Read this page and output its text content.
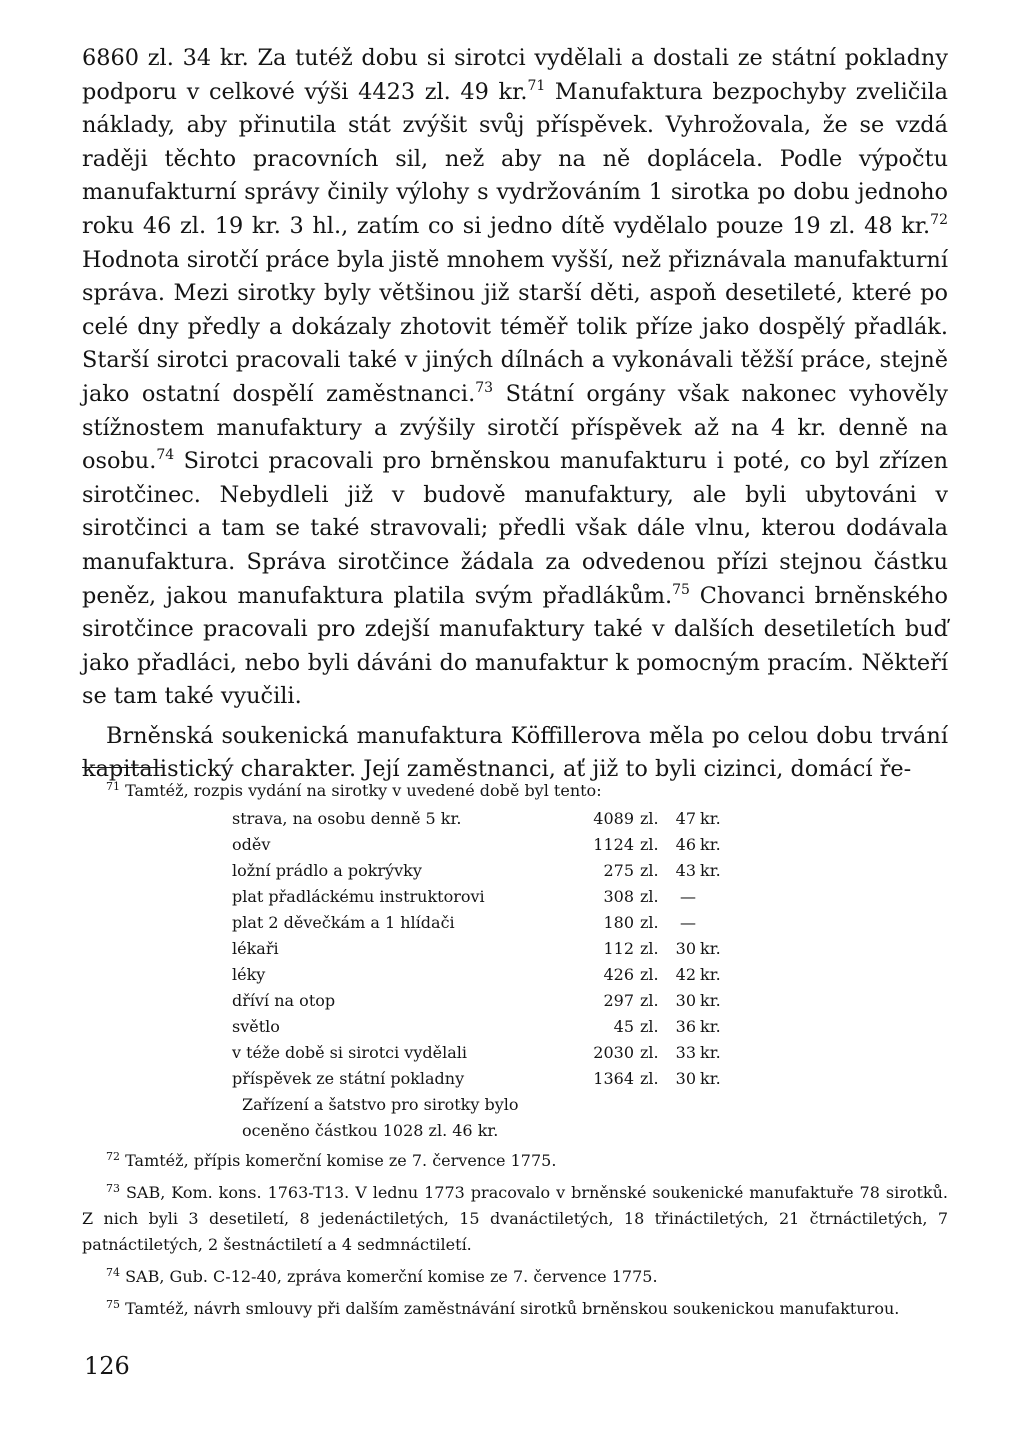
6860 zl. 34 kr. Za tutéž dobu si sirotci vydělali a dostali ze státní pokladny podporu v celkové výši 4423 zl. 49 kr.$^{71}$ Manufaktura bezpochyby zveličila náklady, aby přinutila stát zvýšit svůj příspěvek. Vyhrožovala, že se vzdá raději těchto pracovních sil, než aby na ně doplácela. Podle výpočtu manufakturní správy činily výlohy s vydržováním 1 sirotka po dobu jednoho roku 46 zl. 19 kr. 3 hl., zatím co si jedno dítě vydělalo pouze 19 zl. 48 kr.$^{72}$ Hodnota sirotčí práce byla jistě mnohem vyšší, než přiznávala manufakturní správa. Mezi sirotky byly většinou již starší děti, aspoň desetileté, které po celé dny předly a dokázaly zhotovit téměř tolik příze jako dospělý přadlák. Starší sirotci pracovali také v jiných dílnách a vykonávali těžší práce, stejně jako ostatní dospělí zaměstnanci.$^{73}$ Státní orgány však nakonec vyhověly stížnostem manufaktury a zvýšily sirotčí příspěvek až na 4 kr. denně na osobu.$^{74}$ Sirotci pracovali pro brněnskou manufakturu i poté, co byl zřízen sirotčinec. Nebydleli již v budově manufaktury, ale byli ubytováni v sirotčinci a tam se také stravovali; předli však dále vlnu, kterou dodávala manufaktura. Správa sirotčince žádala za odvedenou přízi stejnou částku peněz, jakou manufaktura platila svým přadlákům.$^{75}$ Chovanci brněnského sirotčince pracovali pro zdejší manufaktury také v dalších desetiletích buď jako přadláci, nebo byli dáváni do manufaktur k pomocným pracím. Někteří se tam také vyučili.

Brněnská soukenická manufaktura Köffillerova měla po celou dobu trvání kapitalistický charakter. Její zaměstnanci, ať již to byli cizinci, domácí ře-

$^{71}$ Tamtéž, rozpis vydání na sirotky v uvedené době byl tento:
strava, na osobu denně 5 kr.	4089	zl.	47	kr.
oděv	1124	zl.	46	kr.
ložní prádlo a pokrývky	275	zl.	43	kr.
plat přadláckému instruktorovi	308	zl.	—	
plat 2 děvečkám a 1 hlídači	180	zl.	—	
lékaři	112	zl.	30	kr.
léky	426	zl.	42	kr.
dříví na otop	297	zl.	30	kr.
světlo	45	zl.	36	kr.
v téže době si sirotci vydělali	2030	zl.	33	kr.
příspěvek ze státní pokladny	1364	zl.	30	kr.
Zařízení a šatstvo pro sirotky bylo
oceněno částkou 1028 zl. 46 kr.

$^{72}$ Tamtéž, přípis komerční komise ze 7. července 1775.

$^{73}$ SAB, Kom. kons. 1763-T13. V lednu 1773 pracovalo v brněnské soukenické manufaktuře 78 sirotků. Z nich byli 3 desetiletí, 8 jedenáctiletých, 15 dvanáctiletých, 18 třináctiletých, 21 čtrnáctiletých, 7 patnáctiletých, 2 šestnáctiletí a 4 sedmnáctiletí.

$^{74}$ SAB, Gub. C-12-40, zpráva komerční komise ze 7. července 1775.

$^{75}$ Tamtéž, návrh smlouvy při dalším zaměstnávání sirotků brněnskou soukenickou manufakturou.

126
